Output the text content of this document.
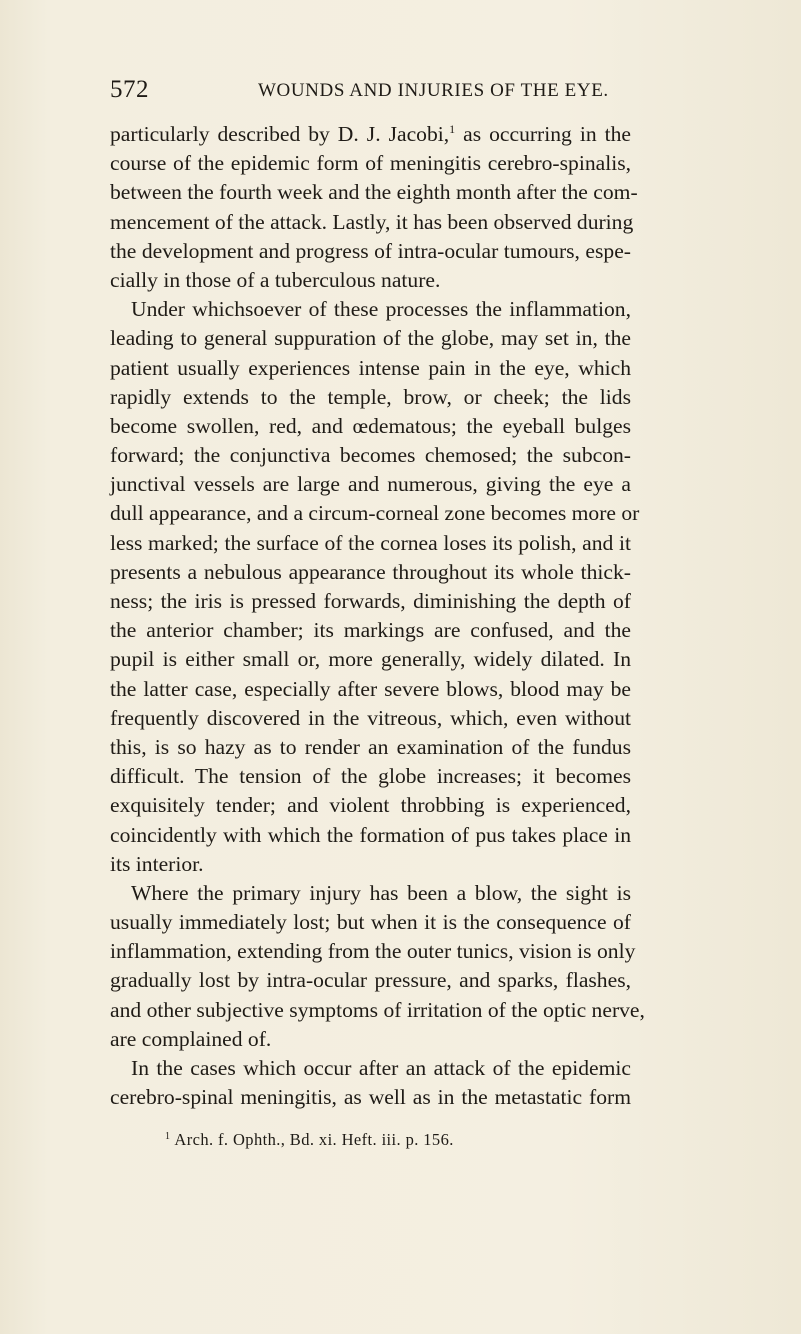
572	WOUNDS AND INJURIES OF THE EYE.
particularly described by D. J. Jacobi,$^1$ as occurring in the
course of the epidemic form of meningitis cerebro-spinalis,
between the fourth week and the eighth month after the com-
mencement of the attack. Lastly, it has been observed during
the development and progress of intra-ocular tumours, espe-
cially in those of a tuberculous nature.
Under whichsoever of these processes the inflammation,
leading to general suppuration of the globe, may set in, the
patient usually experiences intense pain in the eye, which
rapidly extends to the temple, brow, or cheek; the lids
become swollen, red, and œdematous; the eyeball bulges
forward; the conjunctiva becomes chemosed; the subcon-
junctival vessels are large and numerous, giving the eye a
dull appearance, and a circum-corneal zone becomes more or
less marked; the surface of the cornea loses its polish, and it
presents a nebulous appearance throughout its whole thick-
ness; the iris is pressed forwards, diminishing the depth of
the anterior chamber; its markings are confused, and the
pupil is either small or, more generally, widely dilated. In
the latter case, especially after severe blows, blood may be
frequently discovered in the vitreous, which, even without
this, is so hazy as to render an examination of the fundus
difficult. The tension of the globe increases; it becomes
exquisitely tender; and violent throbbing is experienced,
coincidently with which the formation of pus takes place in
its interior.
Where the primary injury has been a blow, the sight is
usually immediately lost; but when it is the consequence of
inflammation, extending from the outer tunics, vision is only
gradually lost by intra-ocular pressure, and sparks, flashes,
and other subjective symptoms of irritation of the optic nerve,
are complained of.
In the cases which occur after an attack of the epidemic
cerebro-spinal meningitis, as well as in the metastatic form
$^1$ Arch. f. Ophth., Bd. xi. Heft. iii. p. 156.
